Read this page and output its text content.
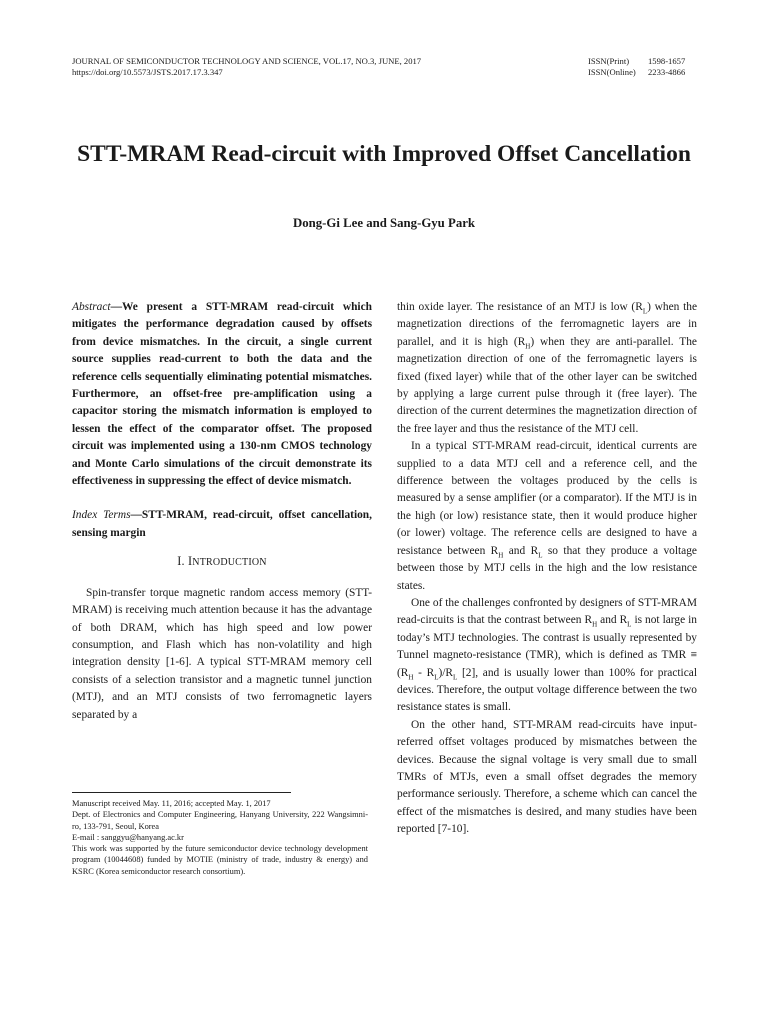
JOURNAL OF SEMICONDUCTOR TECHNOLOGY AND SCIENCE, VOL.17, NO.3, JUNE, 2017
https://doi.org/10.5573/JSTS.2017.17.3.347
ISSN(Print)	1598-1657
ISSN(Online)	2233-4866
STT-MRAM Read-circuit with Improved Offset Cancellation
Dong-Gi Lee and Sang-Gyu Park

Abstract—We present a STT-MRAM read-circuit which mitigates the performance degradation caused by offsets from device mismatches. In the circuit, a single current source supplies read-current to both the data and the reference cells sequentially eliminating potential mismatches. Furthermore, an offset-free pre-amplification using a capacitor storing the mismatch information is employed to lessen the effect of the comparator offset. The proposed circuit was implemented using a 130-nm CMOS technology and Monte Carlo simulations of the circuit demonstrate its effectiveness in suppressing the effect of device mismatch.

Index Terms—STT-MRAM, read-circuit, offset cancellation, sensing margin

I. INTRODUCTION

Spin-transfer torque magnetic random access memory (STT-MRAM) is receiving much attention because it has the advantage of both DRAM, which has high speed and low power consumption, and Flash which has non-volatility and high integration density [1-6]. A typical STT-MRAM memory cell consists of a selection transistor and a magnetic tunnel junction (MTJ), and an MTJ consists of two ferromagnetic layers separated by a

Manuscript received May. 11, 2016; accepted May. 1, 2017
Dept. of Electronics and Computer Engineering, Hanyang University, 222 Wangsimni-ro, 133-791, Seoul, Korea
E-mail : sanggyu@hanyang.ac.kr
This work was supported by the future semiconductor device technology development program (10044608) funded by MOTIE (ministry of trade, industry & energy) and KSRC (Korea semiconductor research consortium).

thin oxide layer. The resistance of an MTJ is low $(R_L)$ when the magnetization directions of the ferromagnetic layers are in parallel, and it is high $(R_H)$ when they are anti-parallel. The magnetization direction of one of the ferromagnetic layers is fixed (fixed layer) while that of the other layer can be switched by applying a large current pulse through it (free layer). The direction of the current determines the magnetization direction of the free layer and thus the resistance of the MTJ cell.

In a typical STT-MRAM read-circuit, identical currents are supplied to a data MTJ cell and a reference cell, and the difference between the voltages produced by the cells is measured by a sense amplifier (or a comparator). If the MTJ is in the high (or low) resistance state, then it would produce higher (or lower) voltage. The reference cells are designed to have a resistance between $R_H$ and $R_L$ so that they produce a voltage between those by MTJ cells in the high and the low resistance states.

One of the challenges confronted by designers of STT-MRAM read-circuits is that the contrast between $R_H$ and $R_L$ is not large in today’s MTJ technologies. The contrast is usually represented by Tunnel magneto-resistance (TMR), which is defined as TMR ≡ $(R_H - R_L)/R_L$ [2], and is usually lower than 100% for practical devices. Therefore, the output voltage difference between the two resistance states is small.

On the other hand, STT-MRAM read-circuits have input-referred offset voltages produced by mismatches between the devices. Because the signal voltage is very small due to small TMRs of MTJs, even a small offset degrades the memory performance seriously. Therefore, a scheme which can cancel the effect of the mismatches is desired, and many studies have been reported [7-10].
